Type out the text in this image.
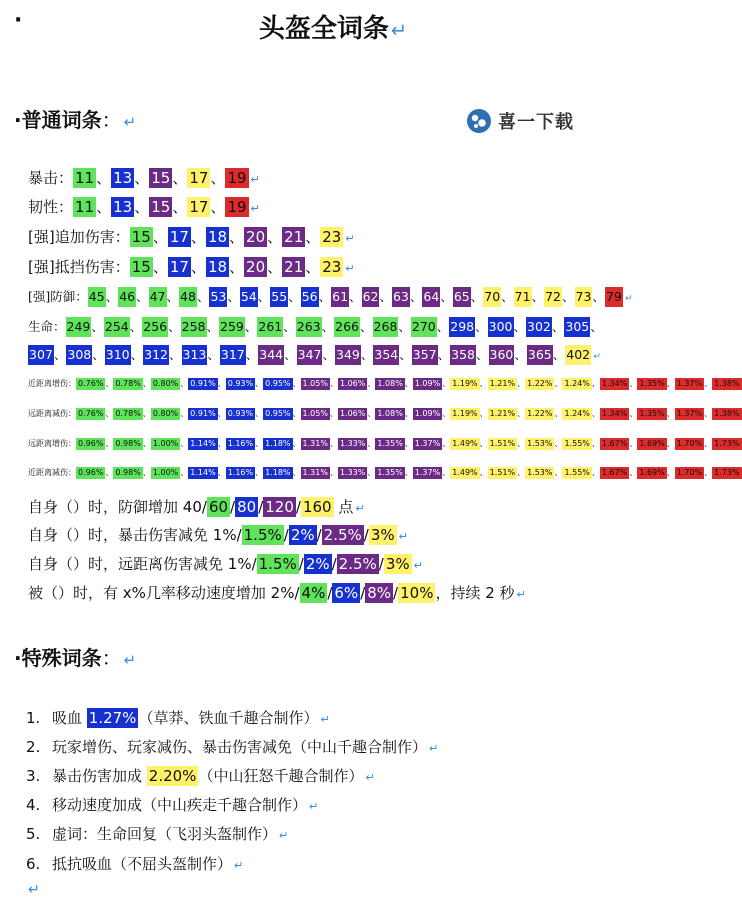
·	头盔全词条 ↵
·普通词条： ↵	喜一下载
暴击： 11 、 13 、 15 、 17 、 19 ↵
韧性： 11 、 13 、 15 、 17 、 19 ↵
[强]追加伤害： 15 、 17 、 18 、 20 、 21 、 23 ↵
[强]抵挡伤害： 15 、 17 、 18 、 20 、 21 、 23 ↵
[强]防御：45、46、47、48、53、54、55、56、61、62、63、64、65、70、71、72、73、79 ↵
生命：249、254、256、258、259、261、263、266、268、270、298、300、302、305、
307、308、310、312、313、317、344、347、349、354、357、358、360、365、402 ↵
近距离增伤： 0.76% 、 0.78% 、 0.80% 、 0.91% 、 0.93% 、 0.95% 、 1.05% 、 1.06% 、 1.08% 、 1.09% 、 1.19% 、 1.21% 、 1.22% 、 1.24% 、 1.34% 、 1.35% 、 1.37% 、 1.38%
远距离减伤： 0.76% 、 0.78% 、 0.80% 、 0.91% 、 0.93% 、 0.95% 、 1.05% 、 1.06% 、 1.08% 、 1.09% 、 1.19% 、 1.21% 、 1.22% 、 1.24% 、 1.34% 、 1.35% 、 1.37% 、 1.38%
远距离增伤： 0.96% 、 0.98% 、 1.00% 、 1.14% 、 1.16% 、 1.18% 、 1.31% 、 1.33% 、 1.35% 、 1.37% 、 1.49% 、 1.51% 、 1.53% 、 1.55% 、 1.67% 、 1.69% 、 1.70% 、 1.73%
近距离减伤： 0.96% 、 0.98% 、 1.00% 、 1.14% 、 1.16% 、 1.18% 、 1.31% 、 1.33% 、 1.35% 、 1.37% 、 1.49% 、 1.51% 、 1.53% 、 1.55% 、 1.67% 、 1.69% 、 1.70% 、 1.73%
自身（）时，防御增加 40/ 60 / 80 / 120 / 160 点 ↵
自身（）时，暴击伤害减免 1%/ 1.5% / 2% / 2.5% / 3% ↵
自身（）时，远距离伤害减免 1%/ 1.5% / 2% / 2.5% / 3% ↵
被（）时，有 x%几率移动速度增加 2%/ 4% / 6% / 8% / 10% ，持续 2 秒 ↵
·特殊词条： ↵
1. 吸血 1.27% （草莽、铁血千趣合制作） ↵
2. 玩家增伤、玩家减伤、暴击伤害减免（中山千趣合制作） ↵
3. 暴击伤害加成 2.20% （中山狂怒千趣合制作） ↵
4. 移动速度加成（中山疾走千趣合制作） ↵
5. 虚词：生命回复（飞羽头盔制作） ↵
6. 抵抗吸血（不屈头盔制作） ↵
↵
